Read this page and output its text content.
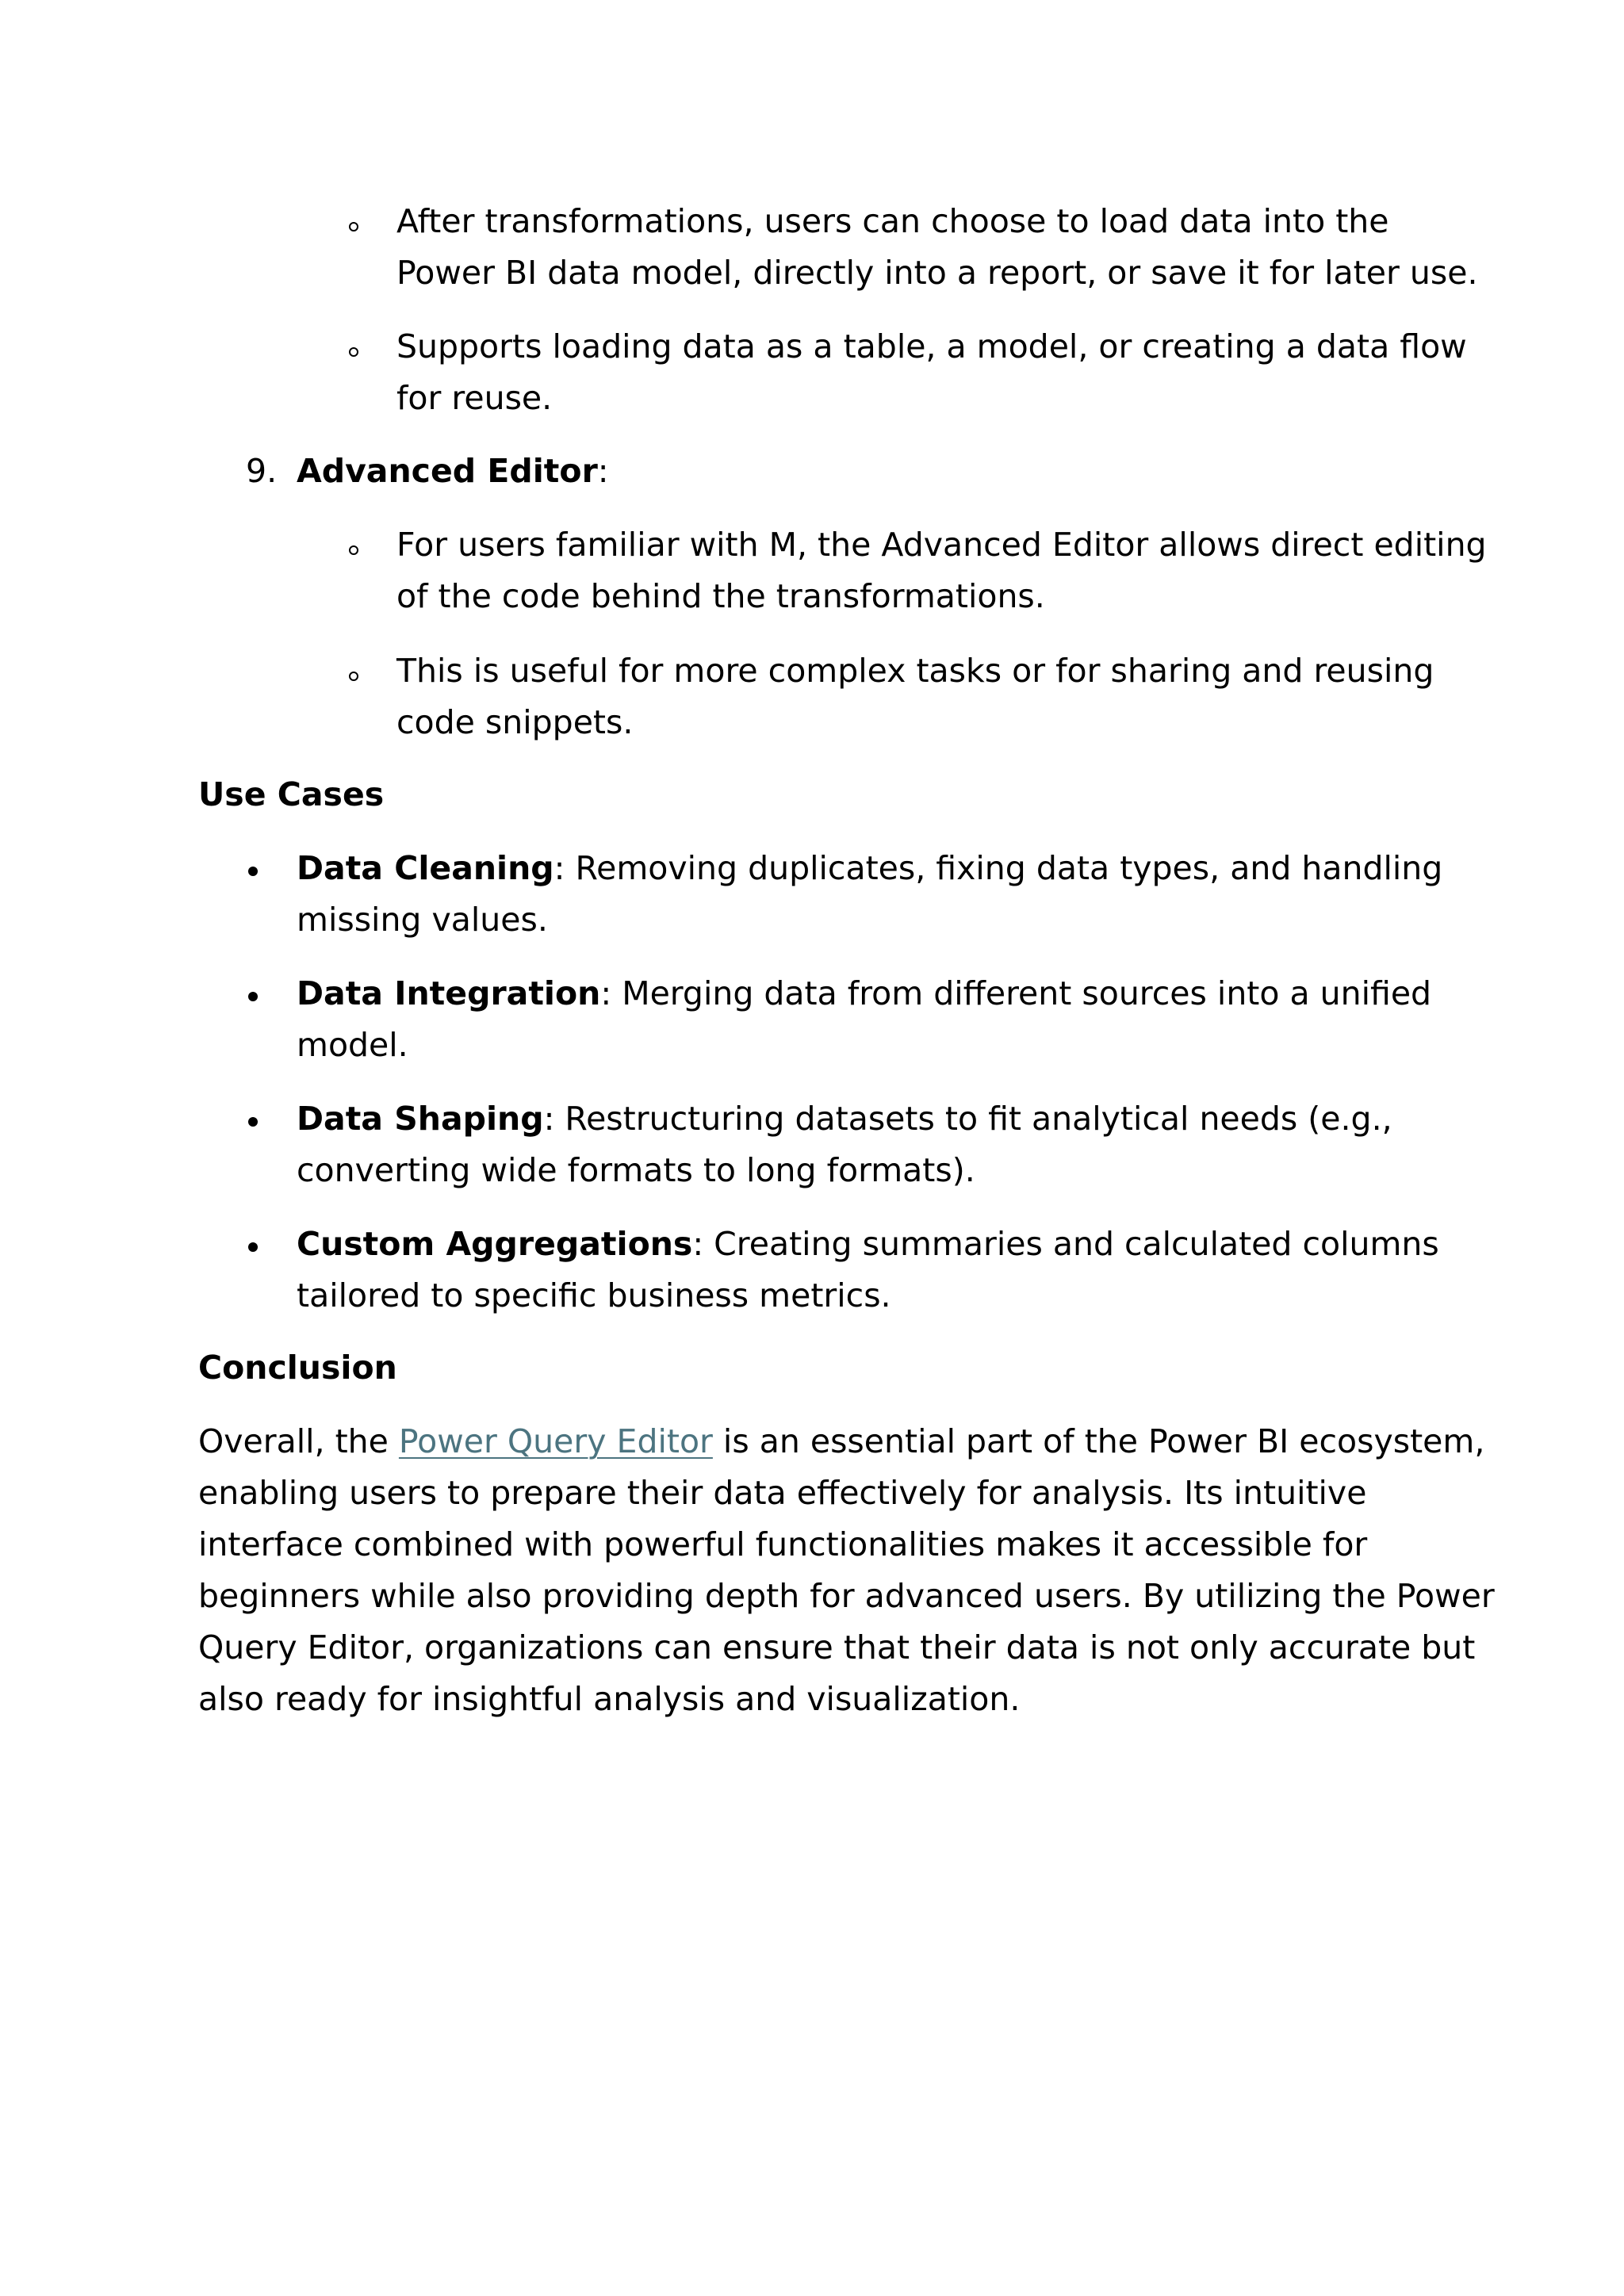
After transformations, users can choose to load data into the
Power BI data model, directly into a report, or save it for later use.

Supports loading data as a table, a model, or creating a data flow
for reuse.

9. Advanced Editor:

For users familiar with M, the Advanced Editor allows direct editing
of the code behind the transformations.

This is useful for more complex tasks or for sharing and reusing
code snippets.

Use Cases

Data Cleaning: Removing duplicates, fixing data types, and handling
missing values.

Data Integration: Merging data from different sources into a unified
model.

Data Shaping: Restructuring datasets to fit analytical needs (e.g.,
converting wide formats to long formats).

Custom Aggregations: Creating summaries and calculated columns
tailored to specific business metrics.

Conclusion

Overall, the Power Query Editor is an essential part of the Power BI ecosystem,
enabling users to prepare their data effectively for analysis. Its intuitive
interface combined with powerful functionalities makes it accessible for
beginners while also providing depth for advanced users. By utilizing the Power
Query Editor, organizations can ensure that their data is not only accurate but
also ready for insightful analysis and visualization.
